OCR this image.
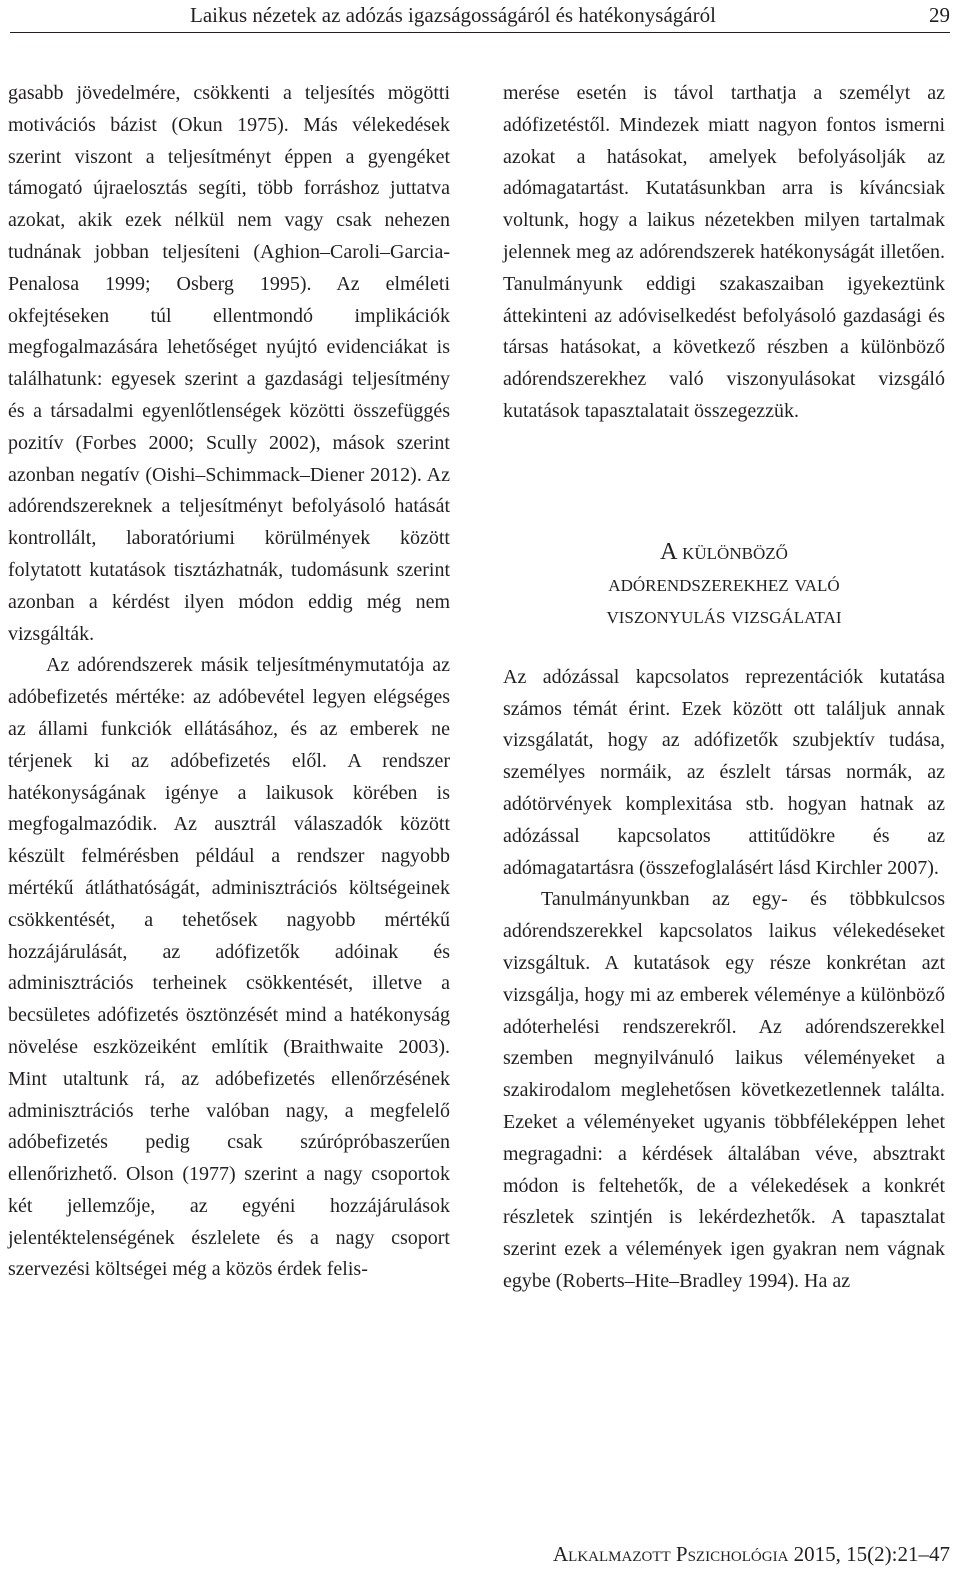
Laikus nézetek az adózás igazságosságáról és hatékonyságáról	29

gasabb jövedelmére, csökkenti a teljesítés mögötti motivációs bázist (Okun 1975). Más vélekedések szerint viszont a teljesítményt éppen a gyengéket támogató újraelosztás segíti, több forráshoz juttatva azokat, akik ezek nélkül nem vagy csak nehezen tudnának jobban teljesíteni (Aghion–Caroli–Garcia-Penalosa 1999; Osberg 1995). Az elméleti okfejtéseken túl ellentmondó implikációk megfogalmazására lehetőséget nyújtó evidenciákat is találhatunk: egyesek szerint a gazdasági teljesítmény és a társadalmi egyenlőtlenségek közötti összefüggés pozitív (Forbes 2000; Scully 2002), mások szerint azonban negatív (Oishi–Schimmack–Diener 2012). Az adórendszereknek a teljesítményt befolyásoló hatását kontrollált, laboratóriumi körülmények között folytatott kutatások tisztázhatnák, tudomásunk szerint azonban a kérdést ilyen módon eddig még nem vizsgálták.

Az adórendszerek másik teljesítménymutatója az adóbefizetés mértéke: az adóbevétel legyen elégséges az állami funkciók ellátásához, és az emberek ne térjenek ki az adóbefizetés elől. A rendszer hatékonyságának igénye a laikusok körében is megfogalmazódik. Az ausztrál válaszadók között készült felmérésben például a rendszer nagyobb mértékű átláthatóságát, adminisztrációs költségeinek csökkentését, a tehetősek nagyobb mértékű hozzájárulását, az adófizetők adóinak és adminisztrációs terheinek csökkentését, illetve a becsületes adófizetés ösztönzését mind a hatékonyság növelése eszközeiként említik (Braithwaite 2003). Mint utaltunk rá, az adóbefizetés ellenőrzésének adminisztrációs terhe valóban nagy, a megfelelő adóbefizetés pedig csak szúrópróbaszerűen ellenőrizhető. Olson (1977) szerint a nagy csoportok két jellemzője, az egyéni hozzájárulások jelentéktelenségének észlelete és a nagy csoport szervezési költségei még a közös érdek felis-

merése esetén is távol tarthatja a személyt az adófizetéstől. Mindezek miatt nagyon fontos ismerni azokat a hatásokat, amelyek befolyásolják az adómagatartást. Kutatásunkban arra is kíváncsiak voltunk, hogy a laikus nézetekben milyen tartalmak jelennek meg az adórendszerek hatékonyságát illetően. Tanulmányunk eddigi szakaszaiban igyekeztünk áttekinteni az adóviselkedést befolyásoló gazdasági és társas hatásokat, a következő részben a különböző adórendszerekhez való viszonyulásokat vizsgáló kutatások tapasztalatait összegezzük.

A különböző
adórendszerekhez való
viszonyulás vizsgálatai

Az adózással kapcsolatos reprezentációk kutatása számos témát érint. Ezek között ott találjuk annak vizsgálatát, hogy az adófizetők szubjektív tudása, személyes normáik, az észlelt társas normák, az adótörvények komplexitása stb. hogyan hatnak az adózással kapcsolatos attitűdökre és az adómagatartásra (összefoglalásért lásd Kirchler 2007).

Tanulmányunkban az egy- és többkulcsos adórendszerekkel kapcsolatos laikus vélekedéseket vizsgáltuk. A kutatások egy része konkrétan azt vizsgálja, hogy mi az emberek véleménye a különböző adóterhelési rendszerekről. Az adórendszerekkel szemben megnyilvánuló laikus véleményeket a szakirodalom meglehetősen következetlennek találta. Ezeket a véleményeket ugyanis többféleképpen lehet megragadni: a kérdések általában véve, absztrakt módon is feltehetők, de a vélekedések a konkrét részletek szintjén is lekérdezhetők. A tapasztalat szerint ezek a vélemények igen gyakran nem vágnak egybe (Roberts–Hite–Bradley 1994). Ha az

Alkalmazott Pszichológia 2015, 15(2):21–47
